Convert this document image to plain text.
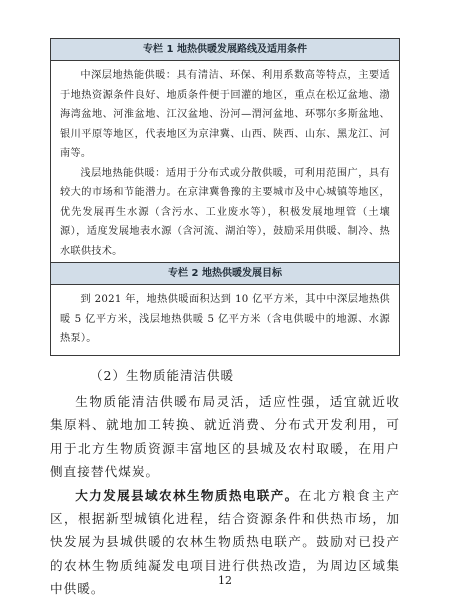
专栏 1 地热供暖发展路线及适用条件

中深层地热能供暖：具有清洁、环保、利用系数高等特点，主要适于地热资源条件良好、地质条件便于回灌的地区，重点在松辽盆地、渤海湾盆地、河淮盆地、江汉盆地、汾河—渭河盆地、环鄂尔多斯盆地、银川平原等地区，代表地区为京津冀、山西、陕西、山东、黑龙江、河南等。

浅层地热能供暖：适用于分布式或分散供暖，可利用范围广，具有较大的市场和节能潜力。在京津冀鲁豫的主要城市及中心城镇等地区，优先发展再生水源（含污水、工业废水等），积极发展地埋管（土壤源），适度发展地表水源（含河流、湖泊等），鼓励采用供暖、制冷、热水联供技术。

专栏 2 地热供暖发展目标

到 2021 年，地热供暖面积达到 10 亿平方米，其中中深层地热供暖 5 亿平方米，浅层地热供暖 5 亿平方米（含电供暖中的地源、水源热泵）。

（2）生物质能清洁供暖

生物质能清洁供暖布局灵活，适应性强，适宜就近收集原料、就地加工转换、就近消费、分布式开发利用，可用于北方生物质资源丰富地区的县城及农村取暖，在用户侧直接替代煤炭。

大力发展县域农林生物质热电联产。在北方粮食主产区，根据新型城镇化进程，结合资源条件和供热市场，加快发展为县城供暖的农林生物质热电联产。鼓励对已投产的农林生物质纯凝发电项目进行供热改造，为周边区域集中供暖。

12
